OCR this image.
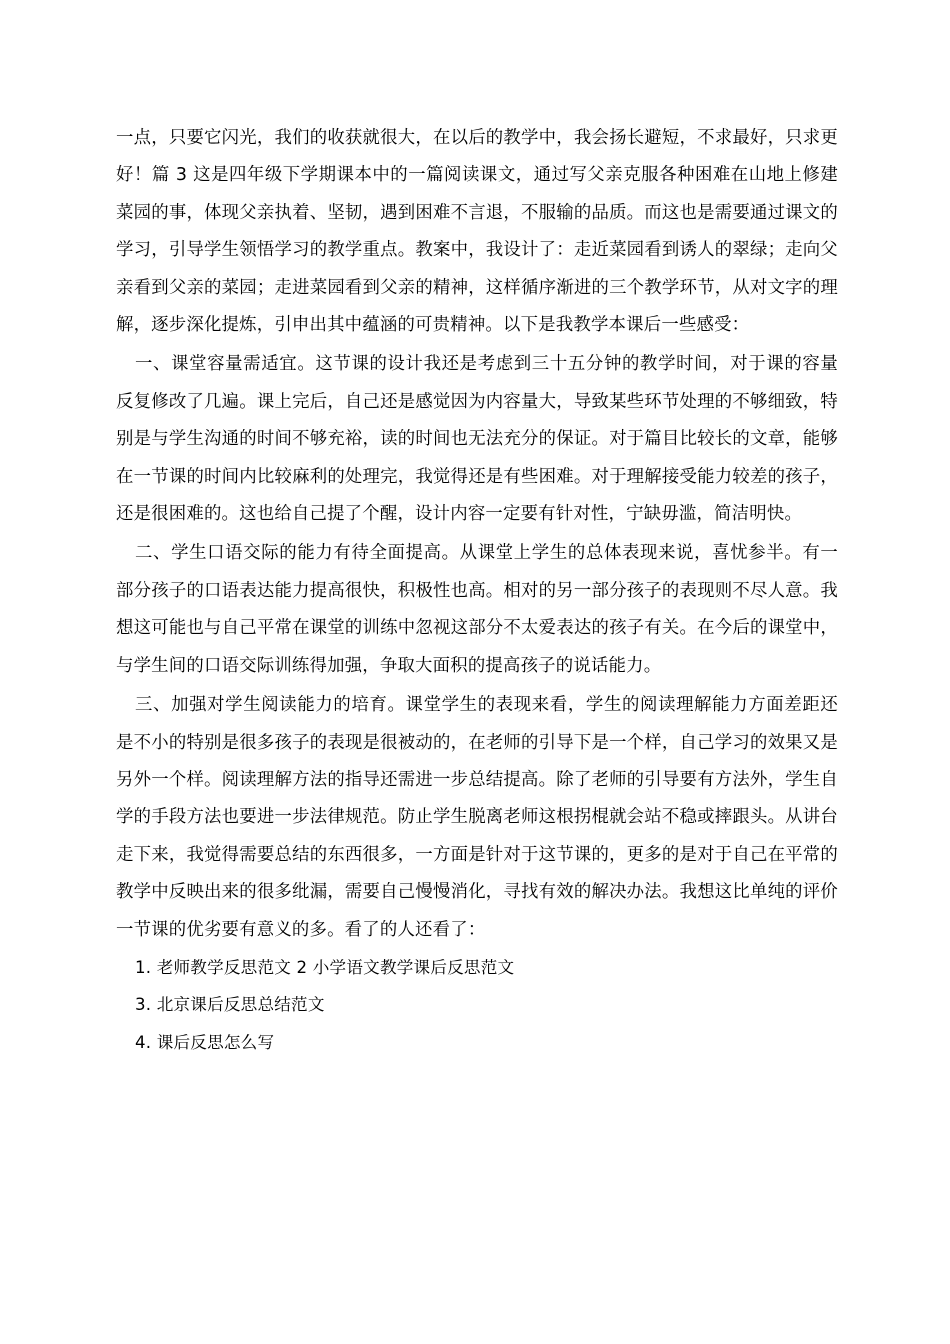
一点，只要它闪光，我们的收获就很大，在以后的教学中，我会扬长避短，不求最好，只求更好！篇 3 这是四年级下学期课本中的一篇阅读课文，通过写父亲克服各种困难在山地上修建菜园的事，体现父亲执着、坚韧，遇到困难不言退，不服输的品质。而这也是需要通过课文的学习，引导学生领悟学习的教学重点。教案中，我设计了：走近菜园看到诱人的翠绿；走向父亲看到父亲的菜园；走进菜园看到父亲的精神，这样循序渐进的三个教学环节，从对文字的理解，逐步深化提炼，引申出其中蕴涵的可贵精神。以下是我教学本课后一些感受：

一、课堂容量需适宜。这节课的设计我还是考虑到三十五分钟的教学时间，对于课的容量反复修改了几遍。课上完后，自己还是感觉因为内容量大，导致某些环节处理的不够细致，特别是与学生沟通的时间不够充裕，读的时间也无法充分的保证。对于篇目比较长的文章，能够在一节课的时间内比较麻利的处理完，我觉得还是有些困难。对于理解接受能力较差的孩子，还是很困难的。这也给自己提了个醒，设计内容一定要有针对性，宁缺毋滥，简洁明快。

二、学生口语交际的能力有待全面提高。从课堂上学生的总体表现来说，喜忧参半。有一部分孩子的口语表达能力提高很快，积极性也高。相对的另一部分孩子的表现则不尽人意。我想这可能也与自己平常在课堂的训练中忽视这部分不太爱表达的孩子有关。在今后的课堂中，与学生间的口语交际训练得加强，争取大面积的提高孩子的说话能力。

三、加强对学生阅读能力的培育。课堂学生的表现来看，学生的阅读理解能力方面差距还是不小的特别是很多孩子的表现是很被动的，在老师的引导下是一个样，自己学习的效果又是另外一个样。阅读理解方法的指导还需进一步总结提高。除了老师的引导要有方法外，学生自学的手段方法也要进一步法律规范。防止学生脱离老师这根拐棍就会站不稳或摔跟头。从讲台走下来，我觉得需要总结的东西很多，一方面是针对于这节课的，更多的是对于自己在平常的教学中反映出来的很多纰漏，需要自己慢慢消化，寻找有效的解决办法。我想这比单纯的评价一节课的优劣要有意义的多。看了的人还看了：

1. 老师教学反思范文 2 小学语文教学课后反思范文
3. 北京课后反思总结范文
4. 课后反思怎么写
